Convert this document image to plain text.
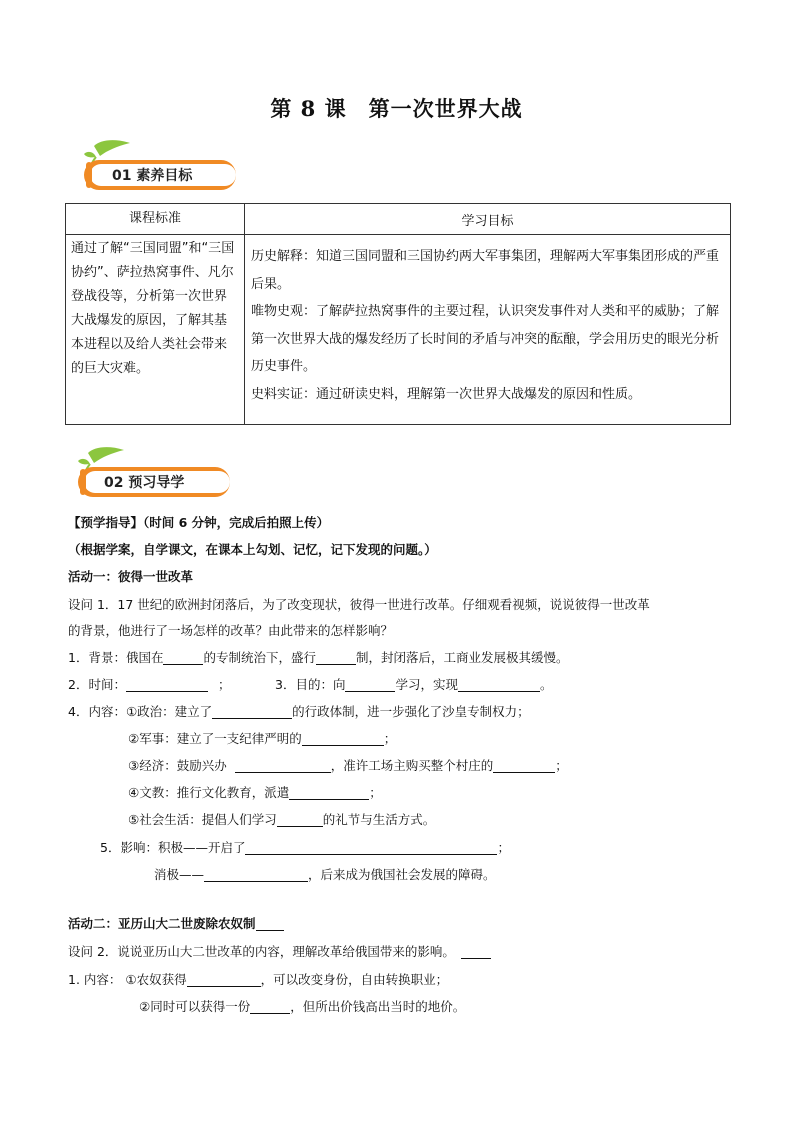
第 8 课 第一次世界大战
01 素养目标
课程标准	学习目标
通过了解“三国同盟”和“三国协约”、萨拉热窝事件、凡尔登战役等，分析第一次世界大战爆发的原因，了解其基本进程以及给人类社会带来的巨大灾难。	历史解释：知道三国同盟和三国协约两大军事集团，理解两大军事集团形成的严重后果。
唯物史观：了解萨拉热窝事件的主要过程，认识突发事件对人类和平的威胁；了解第一次世界大战的爆发经历了长时间的矛盾与冲突的酝酿，学会用历史的眼光分析历史事件。
史料实证：通过研读史料，理解第一次世界大战爆发的原因和性质。
02 预习导学
【预学指导】（时间 6 分钟，完成后拍照上传）
（根据学案，自学课文，在课本上勾划、记忆，记下发现的问题。）
活动一：彼得一世改革
设问 1．17 世纪的欧洲封闭落后，为了改变现状，彼得一世进行改革。仔细观看视频，说说彼得一世改革
的背景，他进行了一场怎样的改革？由此带来的怎样影响？
1．背景：俄国在	的专制统治下，盛行	制，封闭落后，工商业发展极其缓慢。
2．时间：	；	3．目的：向	学习，实现	。
4．内容：①政治：建立了	的行政体制，进一步强化了沙皇专制权力；
②军事：建立了一支纪律严明的	；
③经济：鼓励兴办	，准许工场主购买整个村庄的	；
④文教：推行文化教育，派遣	；
⑤社会生活：提倡人们学习	的礼节与生活方式。
5．影响：积极——开启了	；
消极——	，后来成为俄国社会发展的障碍。
活动二：亚历山大二世废除农奴制
设问 2．说说亚历山大二世改革的内容，理解改革给俄国带来的影响。
1. 内容： ①农奴获得	，可以改变身份，自由转换职业；
②同时可以获得一份	，但所出价钱高出当时的地价。
